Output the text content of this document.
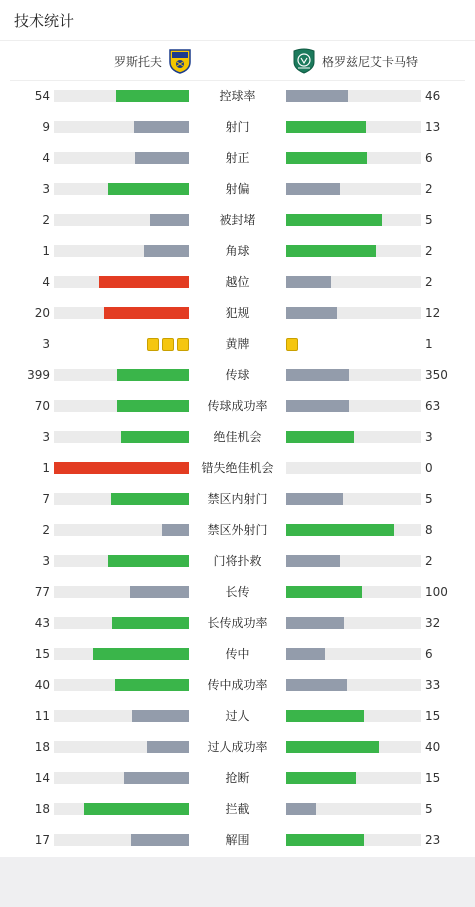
技术统计
罗斯托夫	格罗兹尼艾卡马特
54	控球率	46
9	射门	13
4	射正	6
3	射偏	2
2	被封堵	5
1	角球	2
4	越位	2
20	犯规	12
3	黄牌	1
399	传球	350
70	传球成功率	63
3	绝佳机会	3
1	错失绝佳机会	0
7	禁区内射门	5
2	禁区外射门	8
3	门将扑救	2
77	长传	100
43	长传成功率	32
15	传中	6
40	传中成功率	33
11	过人	15
18	过人成功率	40
14	抢断	15
18	拦截	5
17	解围	23
